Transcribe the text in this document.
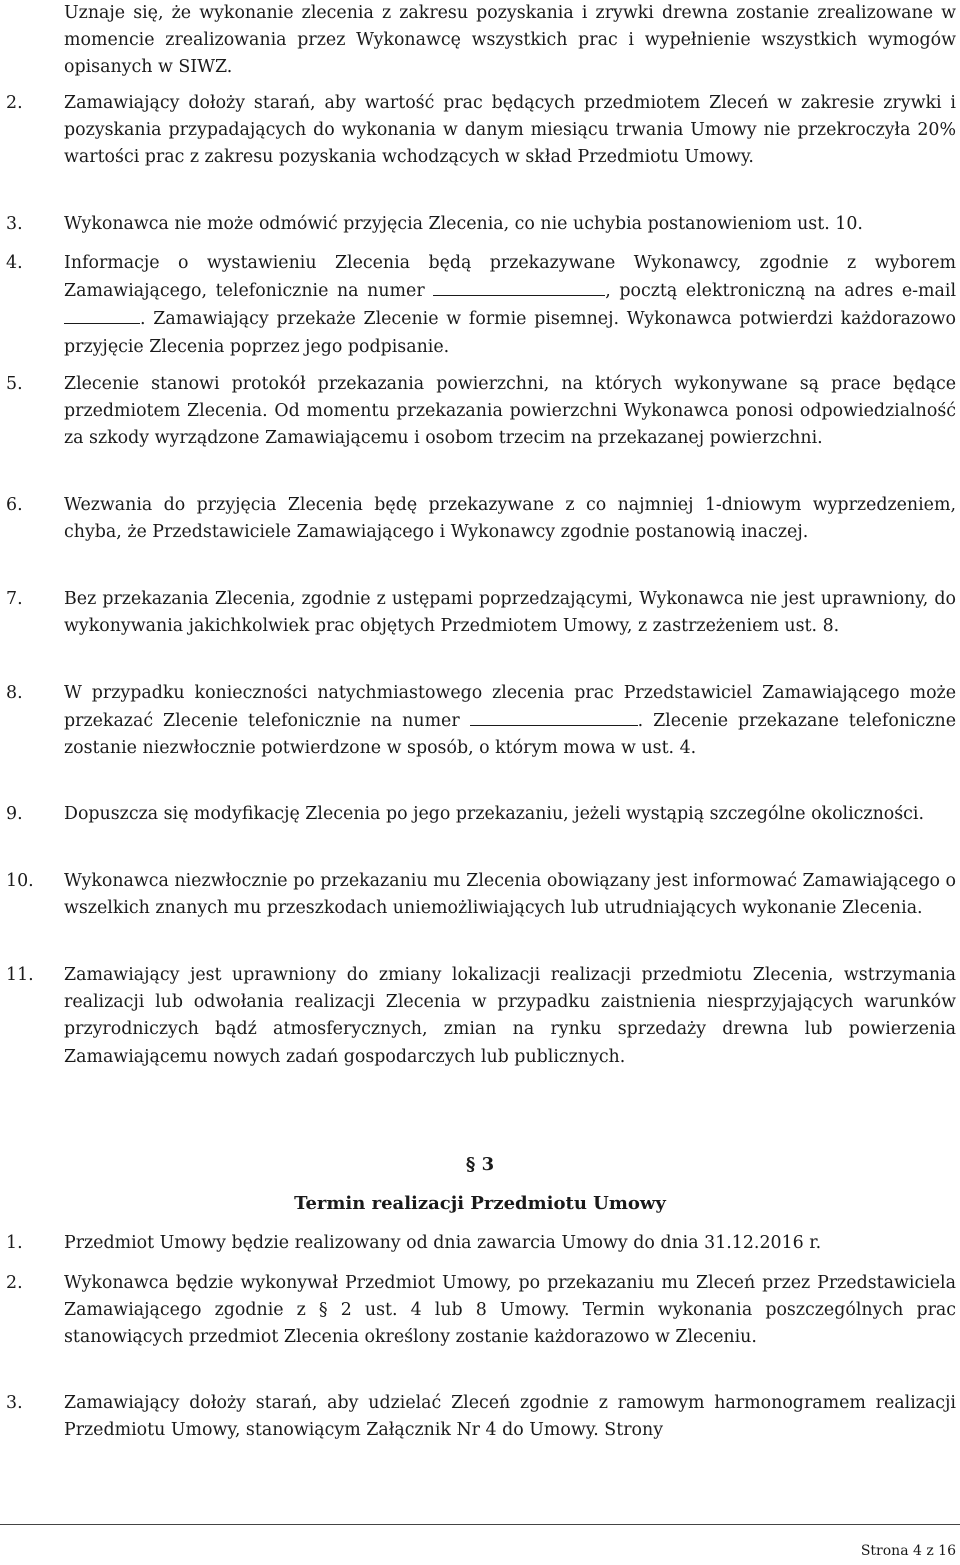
Uznaje się, że wykonanie zlecenia z zakresu pozyskania i zrywki drewna zostanie zrealizowane w momencie zrealizowania przez Wykonawcę wszystkich prac i wypełnienie wszystkich wymogów opisanych w SIWZ.
2. Zamawiający dołoży starań, aby wartość prac będących przedmiotem Zleceń w zakresie zrywki i pozyskania przypadających do wykonania w danym miesiącu trwania Umowy nie przekroczyła 20% wartości prac z zakresu pozyskania wchodzących w skład Przedmiotu Umowy.
3. Wykonawca nie może odmówić przyjęcia Zlecenia, co nie uchybia postanowieniom ust. 10.
4. Informacje o wystawieniu Zlecenia będą przekazywane Wykonawcy, zgodnie z wyborem Zamawiającego, telefonicznie na numer	, pocztą elektroniczną na adres e-mail . Zamawiający przekaże Zlecenie w formie pisemnej. Wykonawca potwierdzi każdorazowo przyjęcie Zlecenia poprzez jego podpisanie.
5. Zlecenie stanowi protokół przekazania powierzchni, na których wykonywane są prace będące przedmiotem Zlecenia. Od momentu przekazania powierzchni Wykonawca ponosi odpowiedzialność za szkody wyrządzone Zamawiającemu i osobom trzecim na przekazanej powierzchni.
6. Wezwania do przyjęcia Zlecenia będę przekazywane z co najmniej 1-dniowym wyprzedzeniem, chyba, że Przedstawiciele Zamawiającego i Wykonawcy zgodnie postanowią inaczej.
7. Bez przekazania Zlecenia, zgodnie z ustępami poprzedzającymi, Wykonawca nie jest uprawniony, do wykonywania jakichkolwiek prac objętych Przedmiotem Umowy, z zastrzeżeniem ust. 8.
8. W przypadku konieczności natychmiastowego zlecenia prac Przedstawiciel Zamawiającego może przekazać Zlecenie telefonicznie na numer	. Zlecenie przekazane telefoniczne zostanie niezwłocznie potwierdzone w sposób, o którym mowa w ust. 4.
9. Dopuszcza się modyfikację Zlecenia po jego przekazaniu, jeżeli wystąpią szczególne okoliczności.
10. Wykonawca niezwłocznie po przekazaniu mu Zlecenia obowiązany jest informować Zamawiającego o wszelkich znanych mu przeszkodach uniemożliwiających lub utrudniających wykonanie Zlecenia.
11. Zamawiający jest uprawniony do zmiany lokalizacji realizacji przedmiotu Zlecenia, wstrzymania realizacji lub odwołania realizacji Zlecenia w przypadku zaistnienia niesprzyjających warunków przyrodniczych bądź atmosferycznych, zmian na rynku sprzedaży drewna lub powierzenia Zamawiającemu nowych zadań gospodarczych lub publicznych.
§ 3
Termin realizacji Przedmiotu Umowy
1. Przedmiot Umowy będzie realizowany od dnia zawarcia Umowy do dnia 31.12.2016 r.
2. Wykonawca będzie wykonywał Przedmiot Umowy, po przekazaniu mu Zleceń przez Przedstawiciela Zamawiającego zgodnie z § 2 ust. 4 lub 8 Umowy. Termin wykonania poszczególnych prac stanowiących przedmiot Zlecenia określony zostanie każdorazowo w Zleceniu.
3. Zamawiający dołoży starań, aby udzielać Zleceń zgodnie z ramowym harmonogramem realizacji Przedmiotu Umowy, stanowiącym Załącznik Nr 4 do Umowy. Strony
Strona 4 z 16
